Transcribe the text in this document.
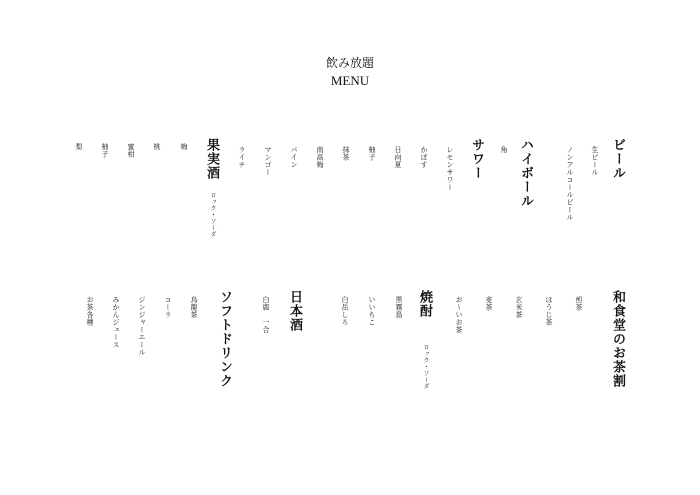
飲み放題
MENU
ビール
生ビール
ノンアルコールビール
ハイボール
角
サワー
レモンサワー
かぼす
日向夏
柚子
抹茶
南高梅
パイン
マンゴー
ライチ
果実酒
ロック・ソーダ
梅
桃
蜜柑
柚子
梨
和食堂のお茶割
煎茶
ほうじ茶
玄米茶
麦茶
お～いお茶
焼酎
ロック・ソーダ
黒霧島
いいちこ
白岳しろ
日本酒
白鹿　一合
ソフトドリンク
烏龍茶
コーラ
ジンジャーエール
みかんジュース
お茶各種
